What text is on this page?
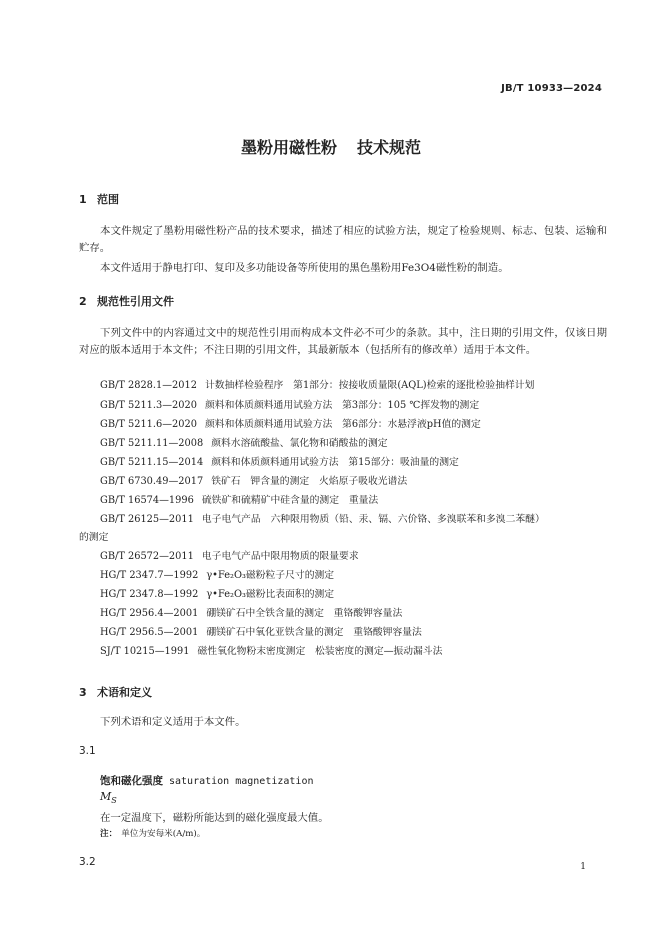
JB/T 10933—2024
墨粉用磁性粉 技术规范
1 范围
本文件规定了墨粉用磁性粉产品的技术要求，描述了相应的试验方法，规定了检验规则、标志、包装、运输和贮存。
本文件适用于静电打印、复印及多功能设备等所使用的黑色墨粉用Fe3O4磁性粉的制造。
2 规范性引用文件
下列文件中的内容通过文中的规范性引用而构成本文件必不可少的条款。其中，注日期的引用文件，仅该日期对应的版本适用于本文件；不注日期的引用文件，其最新版本（包括所有的修改单）适用于本文件。
GB/T 2828.1—2012 计数抽样检验程序　第1部分：按接收质量限(AQL)检索的逐批检验抽样计划
GB/T 5211.3—2020 颜料和体质颜料通用试验方法　第3部分：105 ℃挥发物的测定
GB/T 5211.6—2020 颜料和体质颜料通用试验方法　第6部分：水悬浮液pH值的测定
GB/T 5211.11—2008 颜料水溶硫酸盐、氯化物和硝酸盐的测定
GB/T 5211.15—2014 颜料和体质颜料通用试验方法　第15部分：吸油量的测定
GB/T 6730.49—2017 铁矿石　钾含量的测定　火焰原子吸收光谱法
GB/T 16574—1996 硫铁矿和硫精矿中硅含量的测定　重量法
GB/T 26125—2011 电子电气产品　六种限用物质（铅、汞、镉、六价铬、多溴联苯和多溴二苯醚）
的测定
GB/T 26572—2011 电子电气产品中限用物质的限量要求
HG/T 2347.7—1992 γ•Fe₂O₃磁粉粒子尺寸的测定
HG/T 2347.8—1992 γ•Fe₂O₃磁粉比表面积的测定
HG/T 2956.4—2001 硼镁矿石中全铁含量的测定　重铬酸钾容量法
HG/T 2956.5—2001 硼镁矿石中氧化亚铁含量的测定　重铬酸钾容量法
SJ/T 10215—1991 磁性氧化物粉末密度测定　松装密度的测定—振动漏斗法
3 术语和定义
下列术语和定义适用于本文件。
3.1
饱和磁化强度 saturation magnetization
$M_S$
在一定温度下，磁粉所能达到的磁化强度最大值。
注： 单位为安每米(A/m)。
3.2	1
